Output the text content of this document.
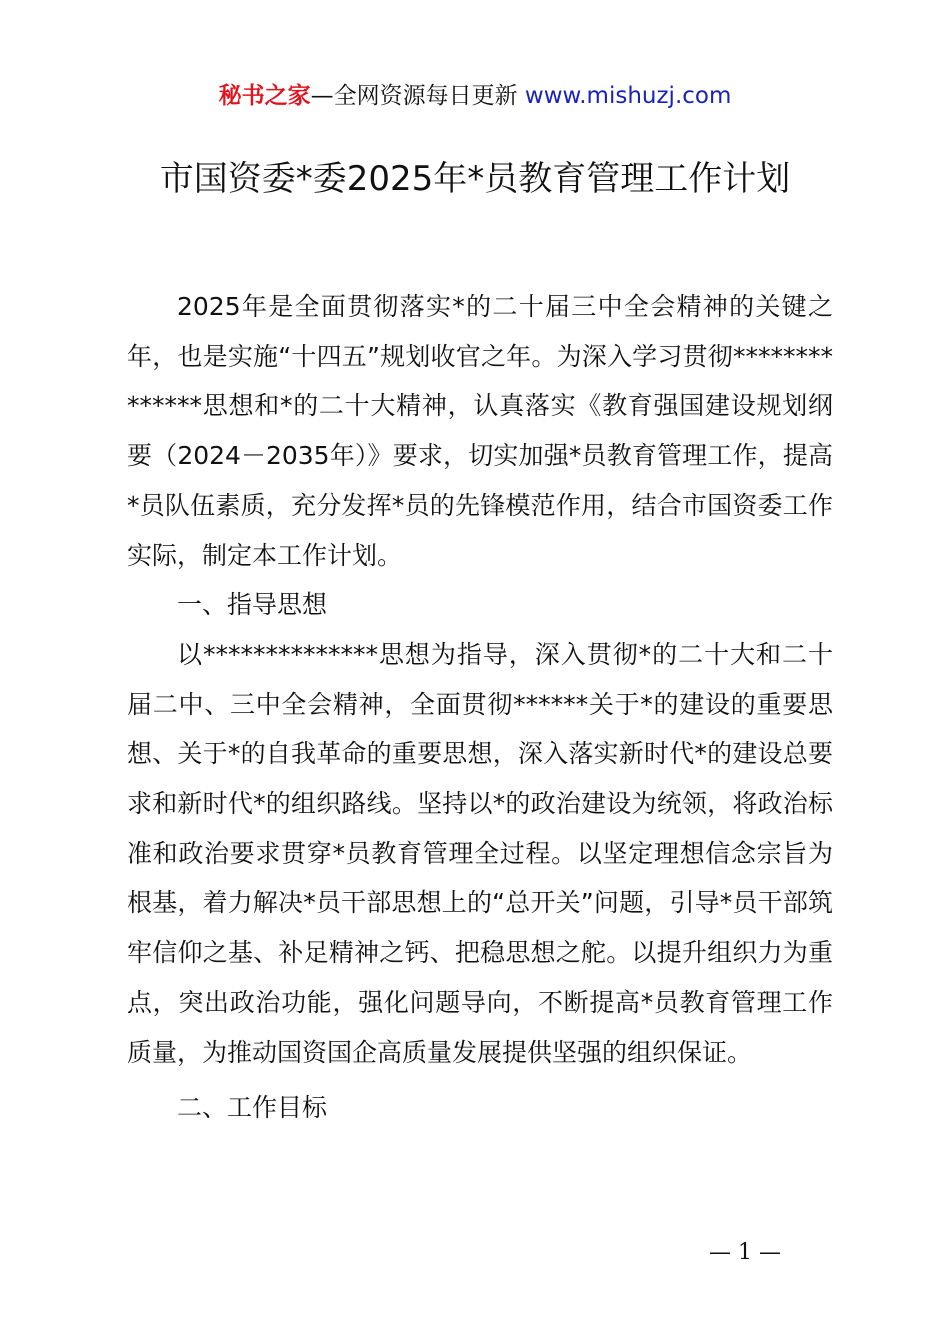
秘书之家—全网资源每日更新 www.mishuzj.com
市国资委*委2025年*员教育管理工作计划

2025年是全面贯彻落实*的二十届三中全会精神的关键之年，也是实施“十四五”规划收官之年。为深入学习贯彻**************思想和*的二十大精神，认真落实《教育强国建设规划纲要（2024－2035年）》要求，切实加强*员教育管理工作，提高*员队伍素质，充分发挥*员的先锋模范作用，结合市国资委工作实际，制定本工作计划。

一、指导思想

以**************思想为指导，深入贯彻*的二十大和二十届二中、三中全会精神，全面贯彻******关于*的建设的重要思想、关于*的自我革命的重要思想，深入落实新时代*的建设总要求和新时代*的组织路线。坚持以*的政治建设为统领，将政治标准和政治要求贯穿*员教育管理全过程。以坚定理想信念宗旨为根基，着力解决*员干部思想上的“总开关”问题，引导*员干部筑牢信仰之基、补足精神之钙、把稳思想之舵。以提升组织力为重点，突出政治功能，强化问题导向，不断提高*员教育管理工作质量，为推动国资国企高质量发展提供坚强的组织保证。

二、工作目标

— 1 —
